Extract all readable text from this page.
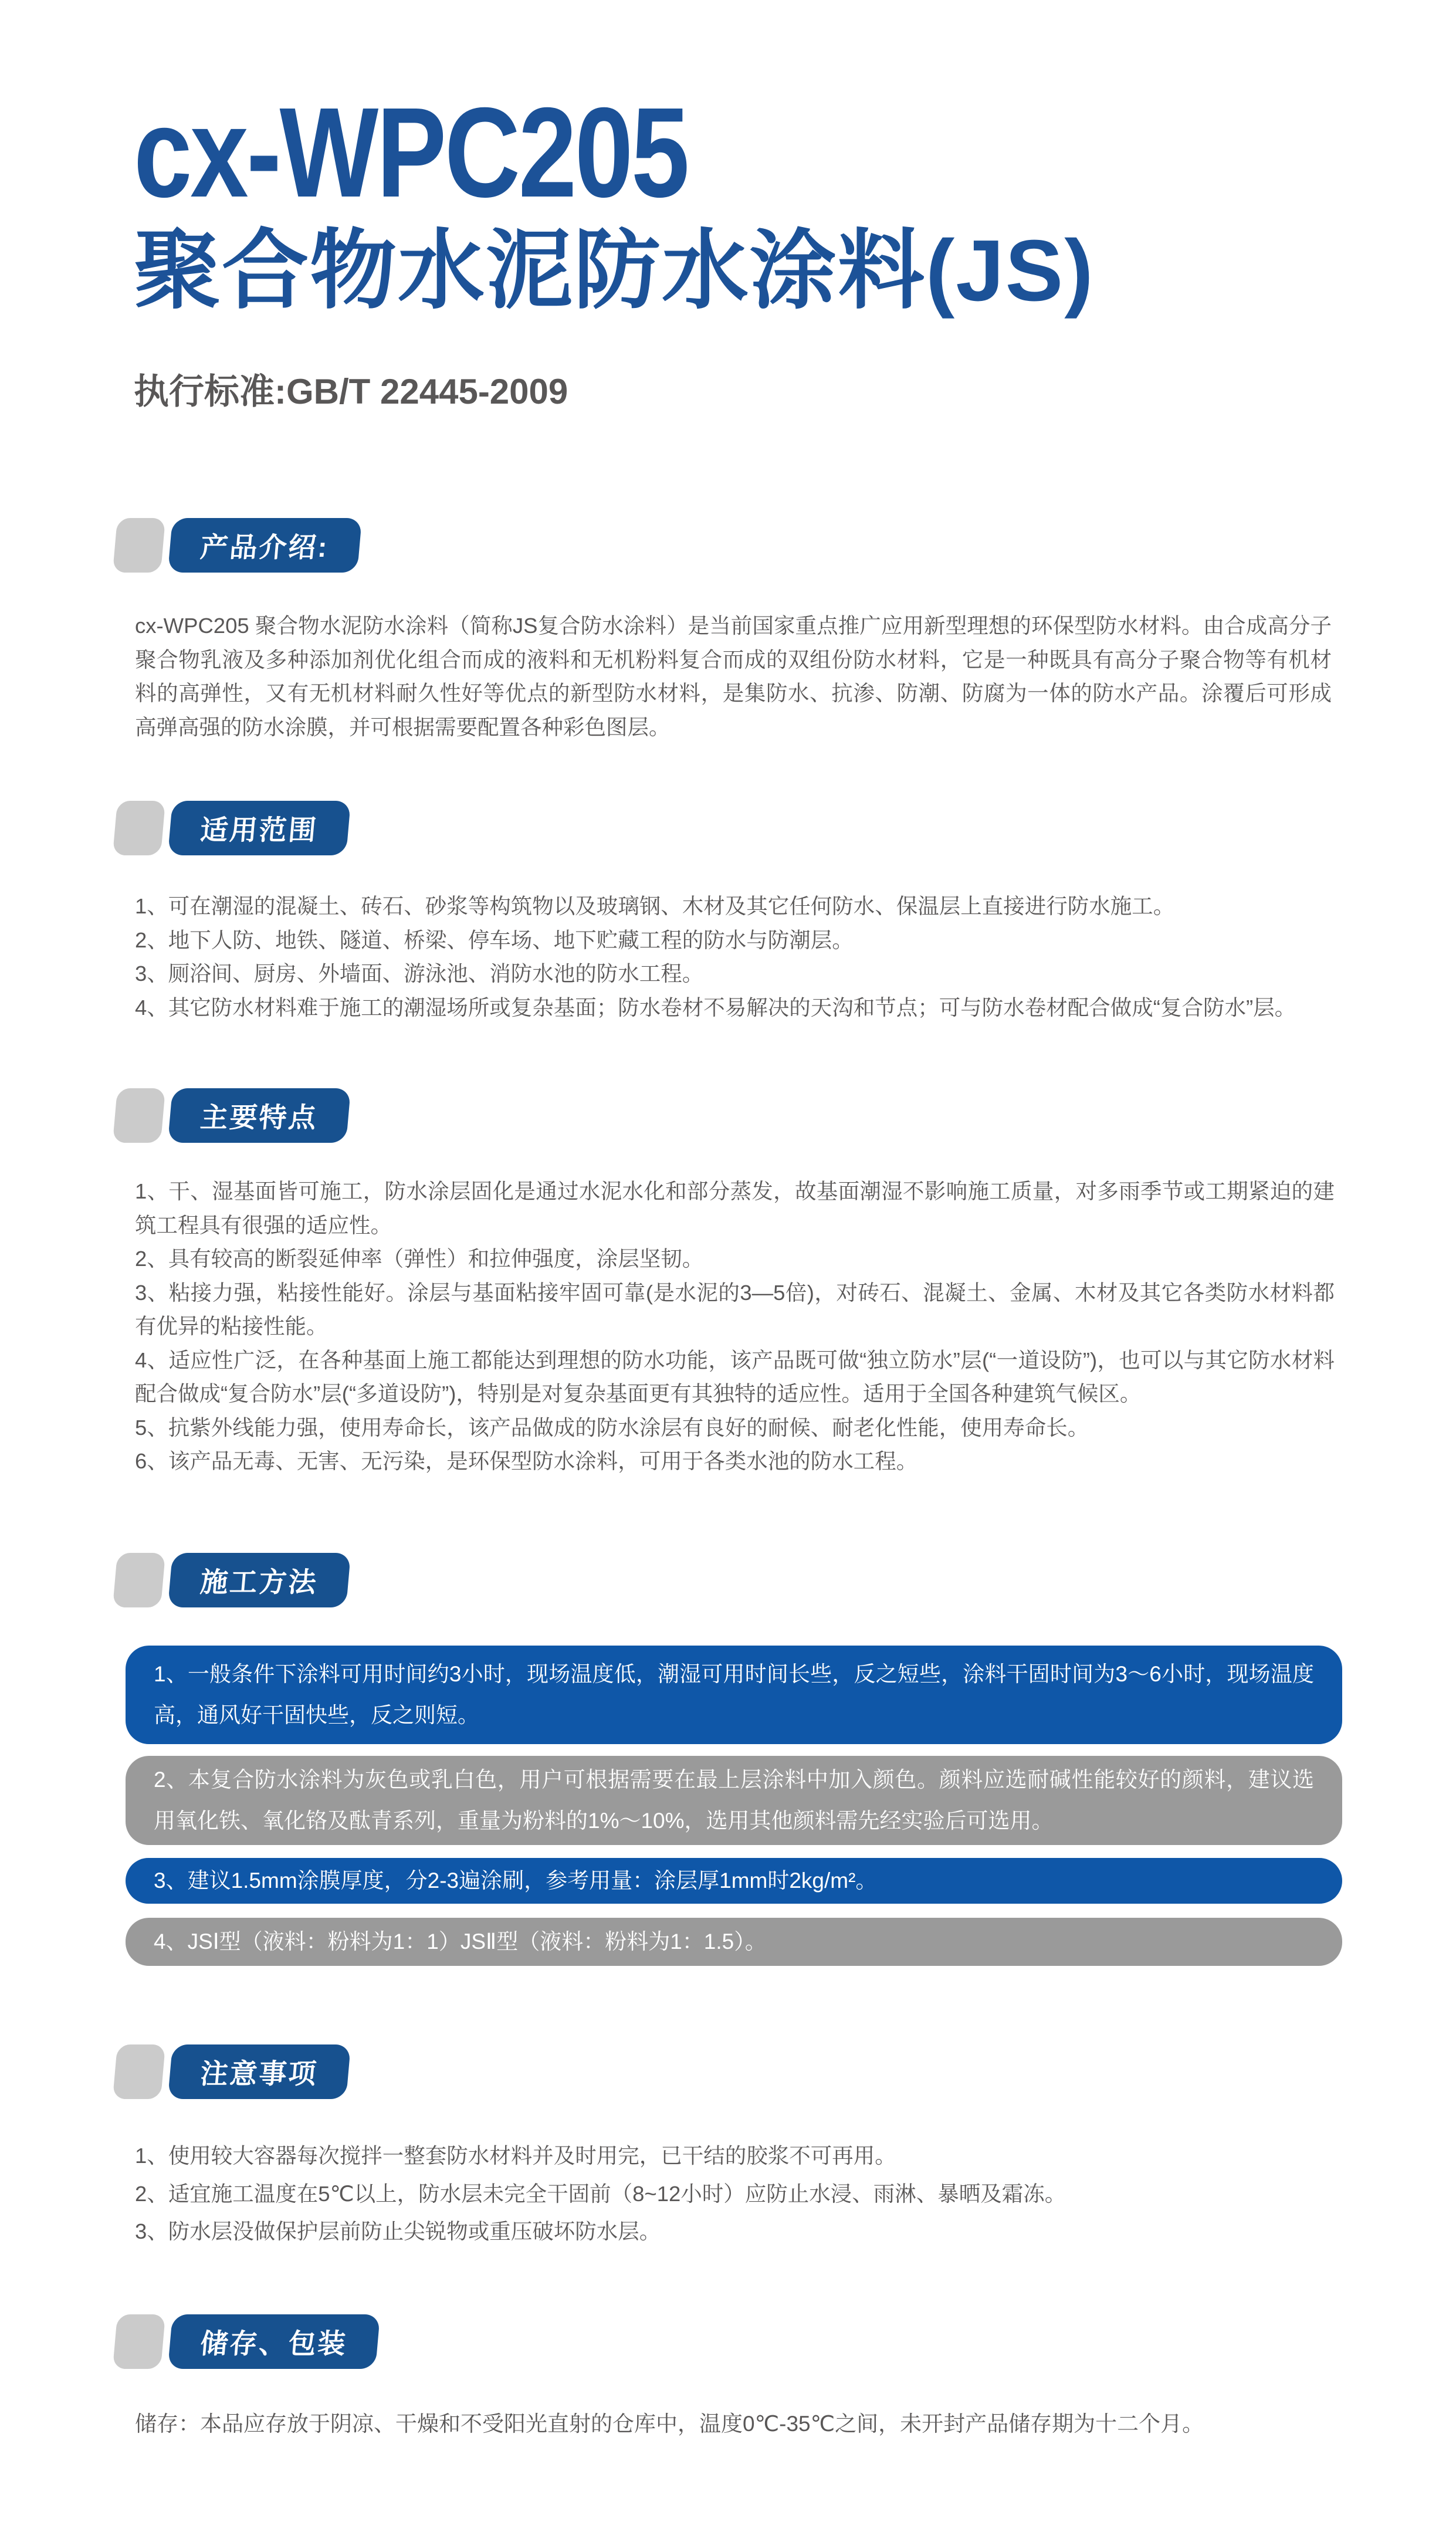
cx-WPC205
聚合物水泥防水涂料(JS)
执行标准:GB/T 22445-2009
产品介绍:
cx-WPC205 聚合物水泥防水涂料（简称JS复合防水涂料）是当前国家重点推广应用新型理想的环保型防水材料。由合成高分子聚合物乳液及多种添加剂优化组合而成的液料和无机粉料复合而成的双组份防水材料，它是一种既具有高分子聚合物等有机材料的高弹性，又有无机材料耐久性好等优点的新型防水材料，是集防水、抗渗、防潮、防腐为一体的防水产品。涂覆后可形成高弹高强的防水涂膜，并可根据需要配置各种彩色图层。
适用范围
1、可在潮湿的混凝土、砖石、砂浆等构筑物以及玻璃钢、木材及其它任何防水、保温层上直接进行防水施工。
2、地下人防、地铁、隧道、桥梁、停车场、地下贮藏工程的防水与防潮层。
3、厕浴间、厨房、外墙面、游泳池、消防水池的防水工程。
4、其它防水材料难于施工的潮湿场所或复杂基面；防水卷材不易解决的天沟和节点；可与防水卷材配合做成“复合防水”层。
主要特点
1、干、湿基面皆可施工，防水涂层固化是通过水泥水化和部分蒸发，故基面潮湿不影响施工质量，对多雨季节或工期紧迫的建筑工程具有很强的适应性。
2、具有较高的断裂延伸率（弹性）和拉伸强度，涂层坚韧。
3、粘接力强，粘接性能好。涂层与基面粘接牢固可靠(是水泥的3—5倍)，对砖石、混凝土、金属、木材及其它各类防水材料都有优异的粘接性能。
4、适应性广泛，在各种基面上施工都能达到理想的防水功能，该产品既可做“独立防水”层(“一道设防”)，也可以与其它防水材料配合做成“复合防水”层(“多道设防”)，特别是对复杂基面更有其独特的适应性。适用于全国各种建筑气候区。
5、抗紫外线能力强，使用寿命长，该产品做成的防水涂层有良好的耐候、耐老化性能，使用寿命长。
6、该产品无毒、无害、无污染，是环保型防水涂料，可用于各类水池的防水工程。
施工方法
1、一般条件下涂料可用时间约3小时，现场温度低，潮湿可用时间长些，反之短些，涂料干固时间为3～6小时，现场温度高，通风好干固快些，反之则短。
2、本复合防水涂料为灰色或乳白色，用户可根据需要在最上层涂料中加入颜色。颜料应选耐碱性能较好的颜料，建议选用氧化铁、氧化铬及酞青系列，重量为粉料的1%～10%，选用其他颜料需先经实验后可选用。
3、建议1.5mm涂膜厚度，分2-3遍涂刷，参考用量：涂层厚1mm时2kg/m²。
4、JSⅠ型（液料：粉料为1：1）JSⅡ型（液料：粉料为1：1.5）。
注意事项
1、使用较大容器每次搅拌一整套防水材料并及时用完，已干结的胶浆不可再用。
2、适宜施工温度在5℃以上，防水层未完全干固前（8~12小时）应防止水浸、雨淋、暴晒及霜冻。
3、防水层没做保护层前防止尖锐物或重压破坏防水层。
储存、包装
储存：本品应存放于阴凉、干燥和不受阳光直射的仓库中，温度0℃-35℃之间，未开封产品储存期为十二个月。
